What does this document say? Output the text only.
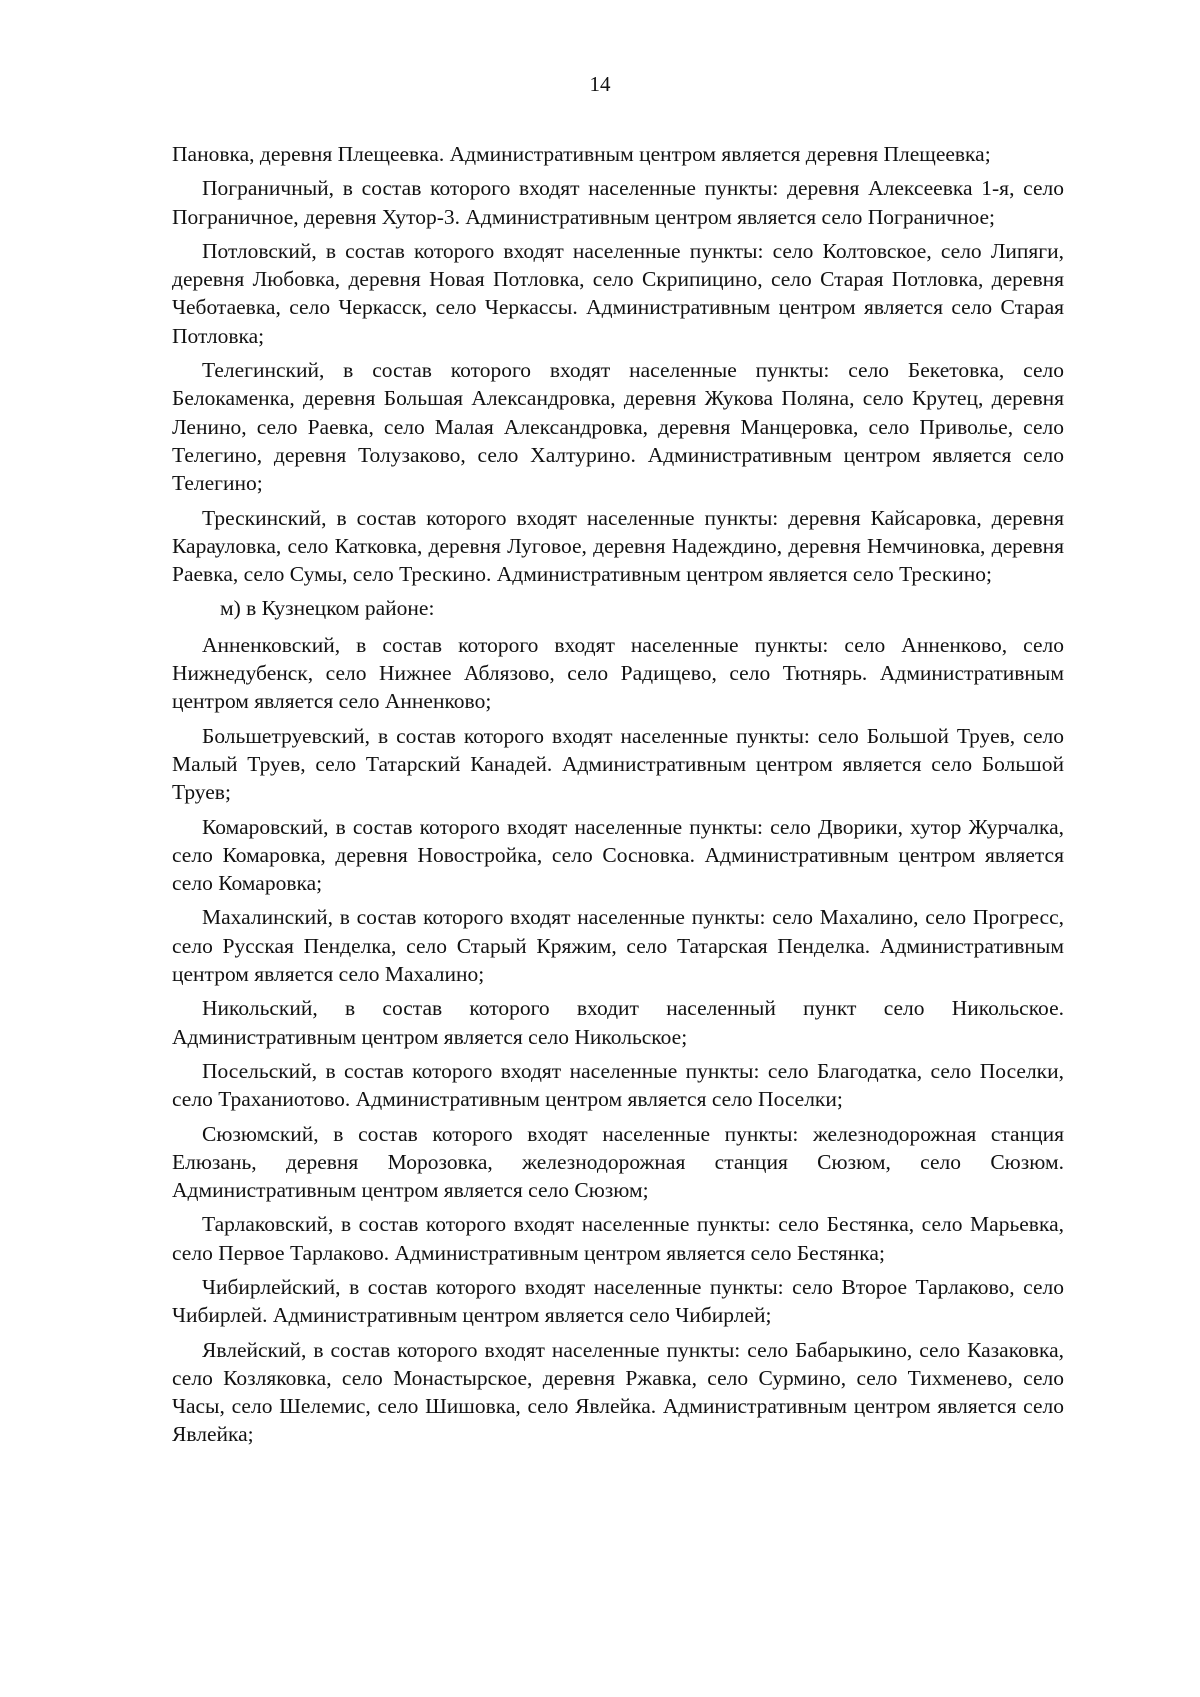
14

Пановка, деревня Плещеевка. Административным центром является деревня Плещеевка;

Пограничный, в состав которого входят населенные пункты: деревня Алексеевка 1-я, село Пограничное, деревня Хутор-3. Административным центром является село Пограничное;

Потловский, в состав которого входят населенные пункты: село Колтовское, село Липяги, деревня Любовка, деревня Новая Потловка, село Скрипицино, село Старая Потловка, деревня Чеботаевка, село Черкасск, село Черкассы. Административным центром является село Старая Потловка;

Телегинский, в состав которого входят населенные пункты: село Бекетовка, село Белокаменка, деревня Большая Александровка, деревня Жукова Поляна, село Крутец, деревня Ленино, село Раевка, село Малая Александровка, деревня Манцеровка, село Приволье, село Телегино, деревня Толузаково, село Халтурино. Административным центром является село Телегино;

Трескинский, в состав которого входят населенные пункты: деревня Кайсаровка, деревня Карауловка, село Катковка, деревня Луговое, деревня Надеждино, деревня Немчиновка, деревня Раевка, село Сумы, село Трескино. Административным центром является село Трескино;

м) в Кузнецком районе:

Анненковский, в состав которого входят населенные пункты: село Анненково, село Нижнедубенск, село Нижнее Аблязово, село Радищево, село Тютнярь. Административным центром является село Анненково;

Большетруевский, в состав которого входят населенные пункты: село Большой Труев, село Малый Труев, село Татарский Канадей. Административным центром является село Большой Труев;

Комаровский, в состав которого входят населенные пункты: село Дворики, хутор Журчалка, село Комаровка, деревня Новостройка, село Сосновка. Административным центром является село Комаровка;

Махалинский, в состав которого входят населенные пункты: село Махалино, село Прогресс, село Русская Пенделка, село Старый Кряжим, село Татарская Пенделка. Административным центром является село Махалино;

Никольский, в состав которого входит населенный пункт село Никольское. Административным центром является село Никольское;

Посельский, в состав которого входят населенные пункты: село Благодатка, село Поселки, село Траханиотово. Административным центром является село Поселки;

Сюзюмский, в состав которого входят населенные пункты: железнодорожная станция Елюзань, деревня Морозовка, железнодорожная станция Сюзюм, село Сюзюм. Административным центром является село Сюзюм;

Тарлаковский, в состав которого входят населенные пункты: село Бестянка, село Марьевка, село Первое Тарлаково. Административным центром является село Бестянка;

Чибирлейский, в состав которого входят населенные пункты: село Второе Тарлаково, село Чибирлей. Административным центром является село Чибирлей;

Явлейский, в состав которого входят населенные пункты: село Бабарыкино, село Казаковка, село Козляковка, село Монастырское, деревня Ржавка, село Сурмино, село Тихменево, село Часы, село Шелемис, село Шишовка, село Явлейка. Административным центром является село Явлейка;
